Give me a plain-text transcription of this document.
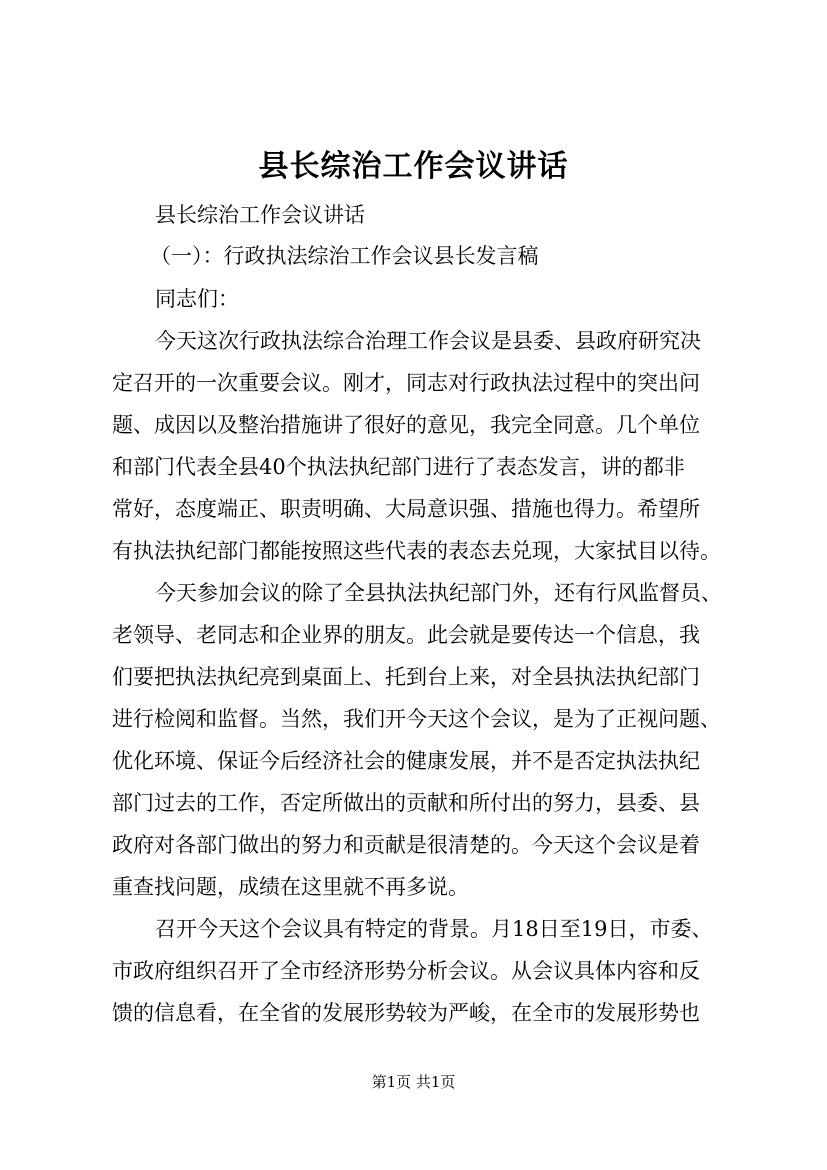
县长综治工作会议讲话
县长综治工作会议讲话
（一）：行政执法综治工作会议县长发言稿
同志们：
今天这次行政执法综合治理工作会议是县委、县政府研究决
定召开的一次重要会议。刚才，同志对行政执法过程中的突出问
题、成因以及整治措施讲了很好的意见，我完全同意。几个单位
和部门代表全县40个执法执纪部门进行了表态发言，讲的都非
常好，态度端正、职责明确、大局意识强、措施也得力。希望所
有执法执纪部门都能按照这些代表的表态去兑现，大家拭目以待。
今天参加会议的除了全县执法执纪部门外，还有行风监督员、
老领导、老同志和企业界的朋友。此会就是要传达一个信息，我
们要把执法执纪亮到桌面上、托到台上来，对全县执法执纪部门
进行检阅和监督。当然，我们开今天这个会议，是为了正视问题、
优化环境、保证今后经济社会的健康发展，并不是否定执法执纪
部门过去的工作，否定所做出的贡献和所付出的努力，县委、县
政府对各部门做出的努力和贡献是很清楚的。今天这个会议是着
重查找问题，成绩在这里就不再多说。
召开今天这个会议具有特定的背景。月18日至19日，市委、
市政府组织召开了全市经济形势分析会议。从会议具体内容和反
馈的信息看，在全省的发展形势较为严峻，在全市的发展形势也
第1页 共1页
